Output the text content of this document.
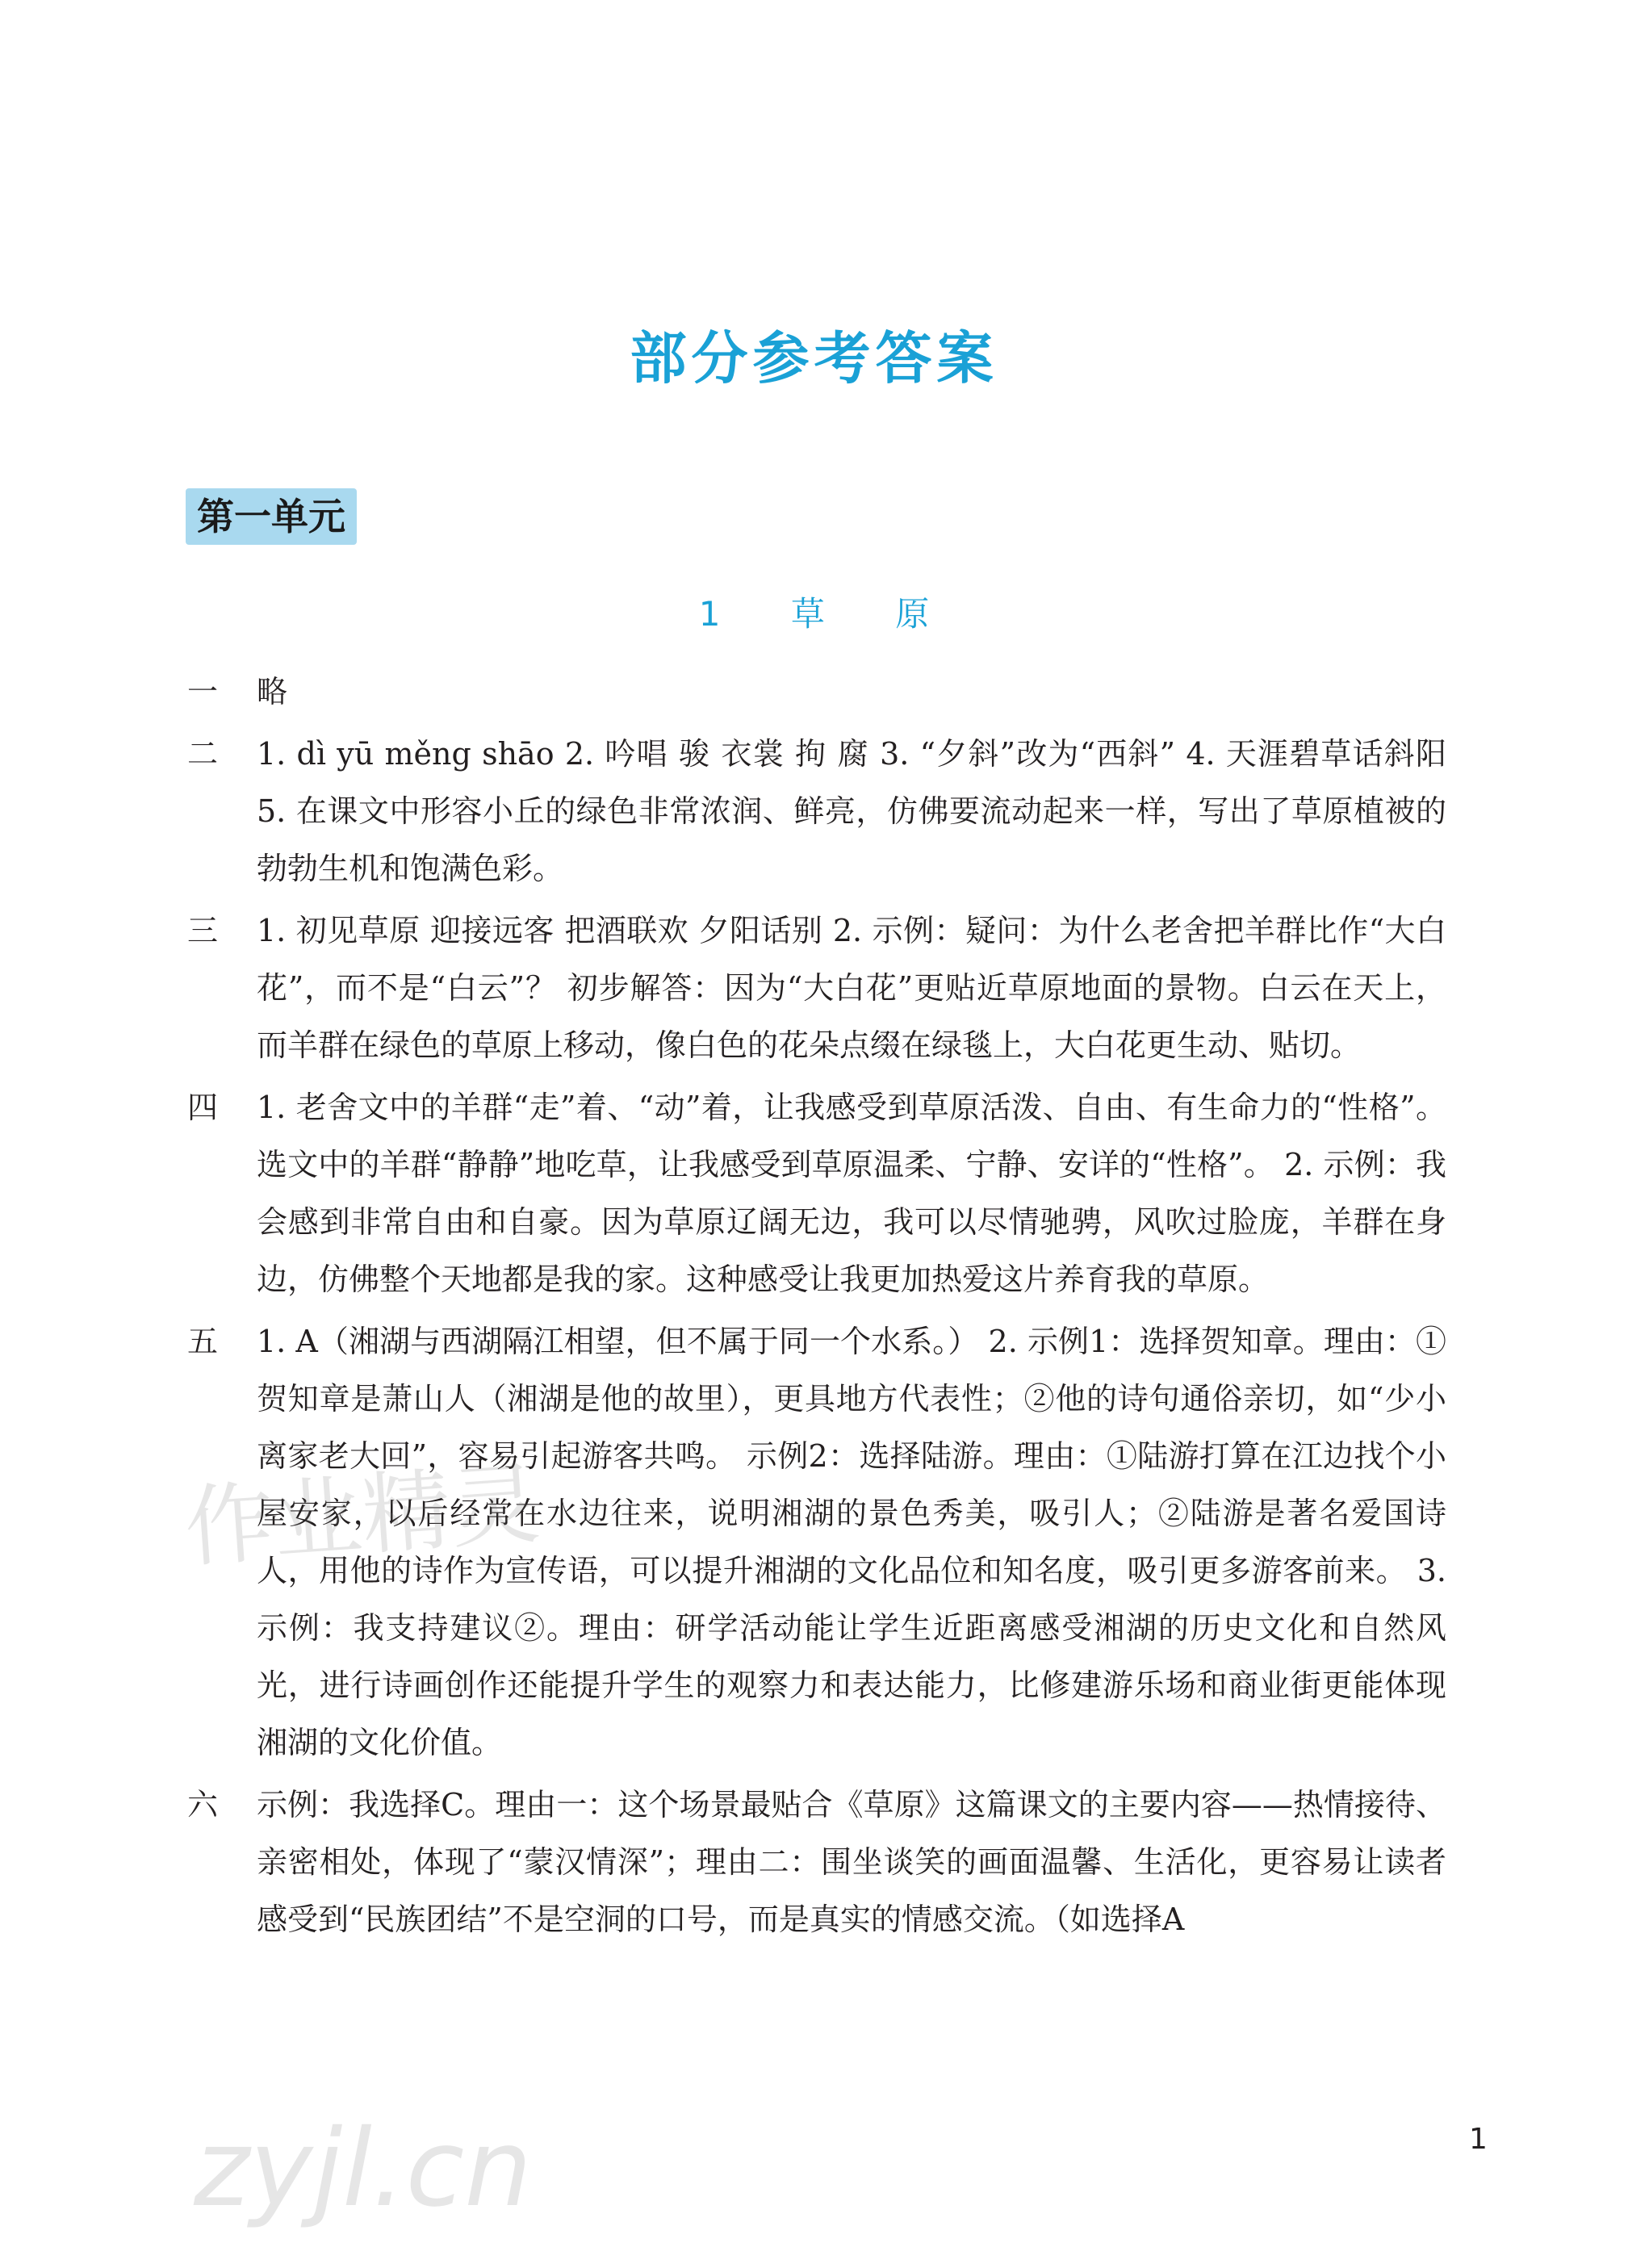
部分参考答案
第一单元
1 草 原
一 略
二 1. dì yū měng shāo 2. 吟唱 骏 衣裳 拘 腐 3. “夕斜”改为“西斜” 4. 天涯碧草话斜阳 5. 在课文中形容小丘的绿色非常浓润、鲜亮，仿佛要流动起来一样，写出了草原植被的勃勃生机和饱满色彩。
三 1. 初见草原 迎接远客 把酒联欢 夕阳话别 2. 示例：疑问：为什么老舍把羊群比作“大白花”，而不是“白云”？ 初步解答：因为“大白花”更贴近草原地面的景物。白云在天上，而羊群在绿色的草原上移动，像白色的花朵点缀在绿毯上，大白花更生动、贴切。
四 1. 老舍文中的羊群“走”着、“动”着，让我感受到草原活泼、自由、有生命力的“性格”。选文中的羊群“静静”地吃草，让我感受到草原温柔、宁静、安详的“性格”。 2. 示例：我会感到非常自由和自豪。因为草原辽阔无边，我可以尽情驰骋，风吹过脸庞，羊群在身边，仿佛整个天地都是我的家。这种感受让我更加热爱这片养育我的草原。
五 1. A（湘湖与西湖隔江相望，但不属于同一个水系。） 2. 示例1：选择贺知章。理由：①贺知章是萧山人（湘湖是他的故里），更具地方代表性；②他的诗句通俗亲切，如“少小离家老大回”，容易引起游客共鸣。 示例2：选择陆游。理由：①陆游打算在江边找个小屋安家，以后经常在水边往来，说明湘湖的景色秀美，吸引人；②陆游是著名爱国诗人，用他的诗作为宣传语，可以提升湘湖的文化品位和知名度，吸引更多游客前来。 3. 示例：我支持建议②。理由：研学活动能让学生近距离感受湘湖的历史文化和自然风光，进行诗画创作还能提升学生的观察力和表达能力，比修建游乐场和商业街更能体现湘湖的文化价值。
六 示例：我选择C。理由一：这个场景最贴合《草原》这篇课文的主要内容——热情接待、亲密相处，体现了“蒙汉情深”；理由二：围坐谈笑的画面温馨、生活化，更容易让读者感受到“民族团结”不是空洞的口号，而是真实的情感交流。（如选择A
作业精灵
zyjl.cn	1
